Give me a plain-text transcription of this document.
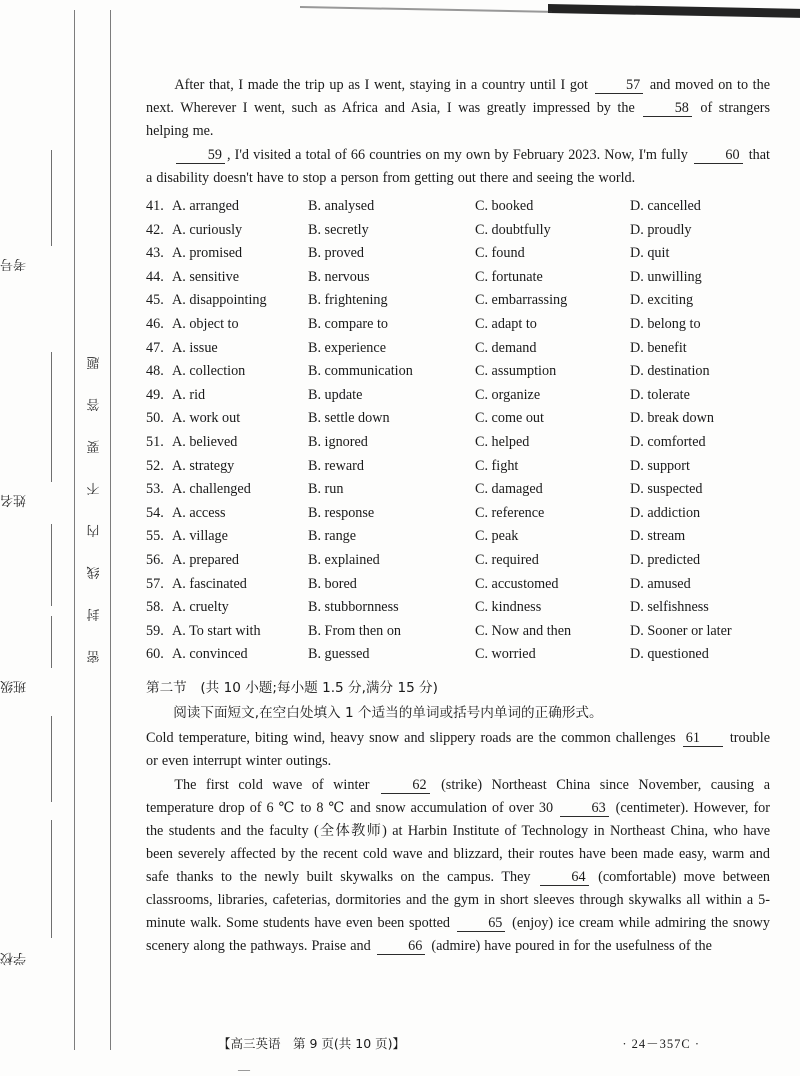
题
答
要
不
内
线
封
密
考号
姓名
班级
学校

After that, I made the trip up as I went, staying in a country until I got 57 and moved on to the next. Wherever I went, such as Africa and Asia, I was greatly impressed by the 58 of strangers helping me.

59 , I'd visited a total of 66 countries on my own by February 2023. Now, I'm fully 60 that a disability doesn't have to stop a person from getting out there and seeing the world.

41. A. arranged	B. analysed	C. booked	D. cancelled
42. A. curiously	B. secretly	C. doubtfully	D. proudly
43. A. promised	B. proved	C. found	D. quit
44. A. sensitive	B. nervous	C. fortunate	D. unwilling
45. A. disappointing	B. frightening	C. embarrassing	D. exciting
46. A. object to	B. compare to	C. adapt to	D. belong to
47. A. issue	B. experience	C. demand	D. benefit
48. A. collection	B. communication	C. assumption	D. destination
49. A. rid	B. update	C. organize	D. tolerate
50. A. work out	B. settle down	C. come out	D. break down
51. A. believed	B. ignored	C. helped	D. comforted
52. A. strategy	B. reward	C. fight	D. support
53. A. challenged	B. run	C. damaged	D. suspected
54. A. access	B. response	C. reference	D. addiction
55. A. village	B. range	C. peak	D. stream
56. A. prepared	B. explained	C. required	D. predicted
57. A. fascinated	B. bored	C. accustomed	D. amused
58. A. cruelty	B. stubbornness	C. kindness	D. selfishness
59. A. To start with	B. From then on	C. Now and then	D. Sooner or later
60. A. convinced	B. guessed	C. worried	D. questioned

第二节　(共 10 小题;每小题 1.5 分,满分 15 分)

阅读下面短文,在空白处填入 1 个适当的单词或括号内单词的正确形式。

Cold temperature, biting wind, heavy snow and slippery roads are the common challenges 61 trouble or even interrupt winter outings.

The first cold wave of winter 62 (strike) Northeast China since November, causing a temperature drop of 6 ℃ to 8 ℃ and snow accumulation of over 30 63 (centimeter). However, for the students and the faculty (全体教师) at Harbin Institute of Technology in Northeast China, who have been severely affected by the recent cold wave and blizzard, their routes have been made easy, warm and safe thanks to the newly built skywalks on the campus. They 64 (comfortable) move between classrooms, libraries, cafeterias, dormitories and the gym in short sleeves through skywalks all within a 5-minute walk. Some students have even been spotted 65 (enjoy) ice cream while admiring the snowy scenery along the pathways. Praise and 66 (admire) have poured in for the usefulness of the

【高三英语　第 9 页(共 10 页)】	· 24－357C ·
—
